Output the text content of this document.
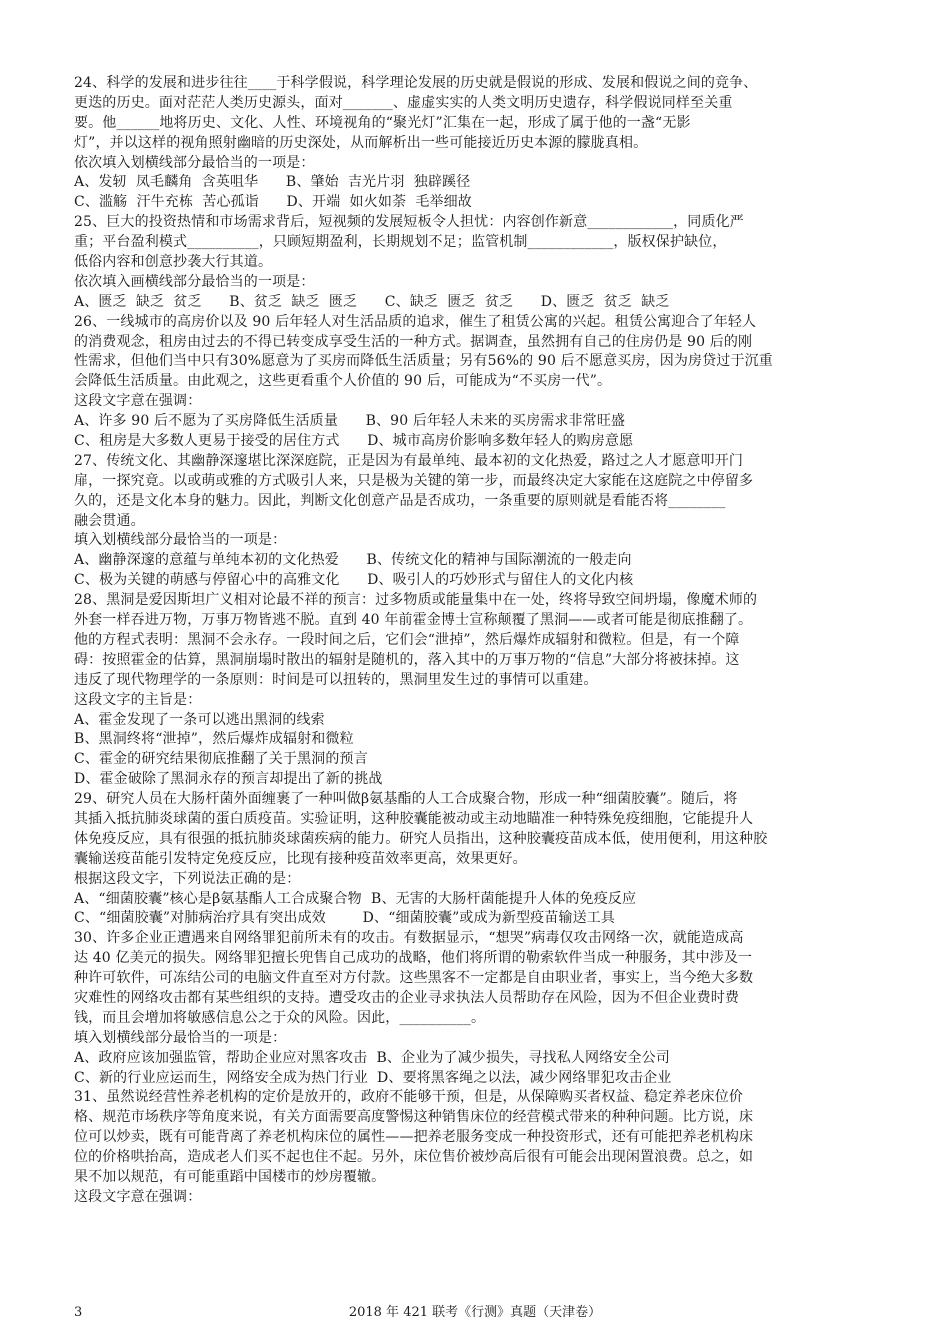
24、科学的发展和进步往往____于科学假说，科学理论发展的历史就是假说的形成、发展和假说之间的竞争、
更迭的历史。面对茫茫人类历史源头，面对_______、虚虚实实的人类文明历史遗存，科学假说同样至关重
要。他______地将历史、文化、人性、环境视角的“聚光灯”汇集在一起，形成了属于他的一盏“无影
灯”，并以这样的视角照射幽暗的历史深处，从而解析出一些可能接近历史本源的朦胧真相。
依次填入划横线部分最恰当的一项是：
A、发轫  凤毛麟角  含英咀华      B、肇始  吉光片羽  独辟蹊径
C、滥觞  汗牛充栋  苦心孤诣      D、开端  如火如荼  毛举细故
25、巨大的投资热情和市场需求背后，短视频的发展短板令人担忧：内容创作新意____________，同质化严
重；平台盈利模式__________，只顾短期盈利，长期规划不足；监管机制____________，版权保护缺位，
低俗内容和创意抄袭大行其道。
依次填入画横线部分最恰当的一项是：
A、匮乏  缺乏  贫乏      B、贫乏  缺乏  匮乏      C、缺乏  匮乏  贫乏      D、匮乏  贫乏  缺乏
26、一线城市的高房价以及 90 后年轻人对生活品质的追求，催生了租赁公寓的兴起。租赁公寓迎合了年轻人
的消费观念，租房由过去的不得已转变成享受生活的一种方式。据调查，虽然拥有自己的住房仍是 90 后的刚
性需求，但他们当中只有30%愿意为了买房而降低生活质量；另有56%的 90 后不愿意买房，因为房贷过于沉重
会降低生活质量。由此观之，这些更看重个人价值的 90 后，可能成为“不买房一代”。
这段文字意在强调：
A、许多 90 后不愿为了买房降低生活质量      B、90 后年轻人未来的买房需求非常旺盛
C、租房是大多数人更易于接受的居住方式      D、城市高房价影响多数年轻人的购房意愿
27、传统文化、其幽静深邃堪比深深庭院，正是因为有最单纯、最本初的文化热爱，路过之人才愿意叩开门
扉，一探究竟。以或萌或雅的方式吸引人来，只是极为关键的第一步，而最终决定大家能在这庭院之中停留多
久的，还是文化本身的魅力。因此，判断文化创意产品是否成功，一条重要的原则就是看能否将________
融会贯通。
填入划横线部分最恰当的一项是：
A、幽静深邃的意蕴与单纯本初的文化热爱      B、传统文化的精神与国际潮流的一般走向
C、极为关键的萌感与停留心中的高雅文化      D、吸引人的巧妙形式与留住人的文化内核
28、黑洞是爱因斯坦广义相对论最不祥的预言：过多物质或能量集中在一处，终将导致空间坍塌，像魔术师的
外套一样吞进万物，万事万物皆逃不脱。直到 40 年前霍金博士宣称颠覆了黑洞——或者可能是彻底推翻了。
他的方程式表明：黑洞不会永存。一段时间之后，它们会“泄掉”，然后爆炸成辐射和微粒。但是，有一个障
碍：按照霍金的估算，黑洞崩塌时散出的辐射是随机的，落入其中的万事万物的“信息”大部分将被抹掉。这
违反了现代物理学的一条原则：时间是可以扭转的，黑洞里发生过的事情可以重建。
这段文字的主旨是：
A、霍金发现了一条可以逃出黑洞的线索
B、黑洞终将“泄掉”，然后爆炸成辐射和微粒
C、霍金的研究结果彻底推翻了关于黑洞的预言
D、霍金破除了黑洞永存的预言却提出了新的挑战
29、研究人员在大肠杆菌外面缠裹了一种叫做β氨基酯的人工合成聚合物，形成一种“细菌胶囊”。随后，将
其插入抵抗肺炎球菌的蛋白质疫苗。实验证明，这种胶囊能被动或主动地瞄准一种特殊免疫细胞，它能提升人
体免疫反应，具有很强的抵抗肺炎球菌疾病的能力。研究人员指出，这种胶囊疫苗成本低，使用便利，用这种胶
囊输送疫苗能引发特定免疫反应，比现有接种疫苗效率更高，效果更好。
根据这段文字，下列说法正确的是：
A、“细菌胶囊”核心是β氨基酯人工合成聚合物  B、无害的大肠杆菌能提升人体的免疫反应
C、“细菌胶囊”对肺病治疗具有突出成效        D、“细菌胶囊”或成为新型疫苗输送工具
30、许多企业正遭遇来自网络罪犯前所未有的攻击。有数据显示，“想哭”病毒仅攻击网络一次，就能造成高
达 40 亿美元的损失。网络罪犯擅长兜售自己成功的战略，他们将所谓的勒索软件当成一种服务，其中涉及一
种许可软件，可冻结公司的电脑文件直至对方付款。这些黑客不一定都是自由职业者，事实上，当今绝大多数
灾难性的网络攻击都有某些组织的支持。遭受攻击的企业寻求执法人员帮助存在风险，因为不但企业费时费
钱，而且会增加将敏感信息公之于众的风险。因此，__________。
填入划横线部分最恰当的一项是：
A、政府应该加强监管，帮助企业应对黑客攻击  B、企业为了减少损失，寻找私人网络安全公司
C、新的行业应运而生，网络安全成为热门行业  D、要将黑客绳之以法，减少网络罪犯攻击企业
31、虽然说经营性养老机构的定价是放开的，政府不能够干预，但是，从保障购买者权益、稳定养老床位价
格、规范市场秩序等角度来说，有关方面需要高度警惕这种销售床位的经营模式带来的种种问题。比方说，床
位可以炒卖，既有可能背离了养老机构床位的属性——把养老服务变成一种投资形式，还有可能把养老机构床
位的价格哄抬高，造成老人们买不起也住不起。另外，床位售价被炒高后很有可能会出现闲置浪费。总之，如
果不加以规范，有可能重蹈中国楼市的炒房覆辙。
这段文字意在强调：
3	2018 年 421 联考《行测》真题（天津卷）
